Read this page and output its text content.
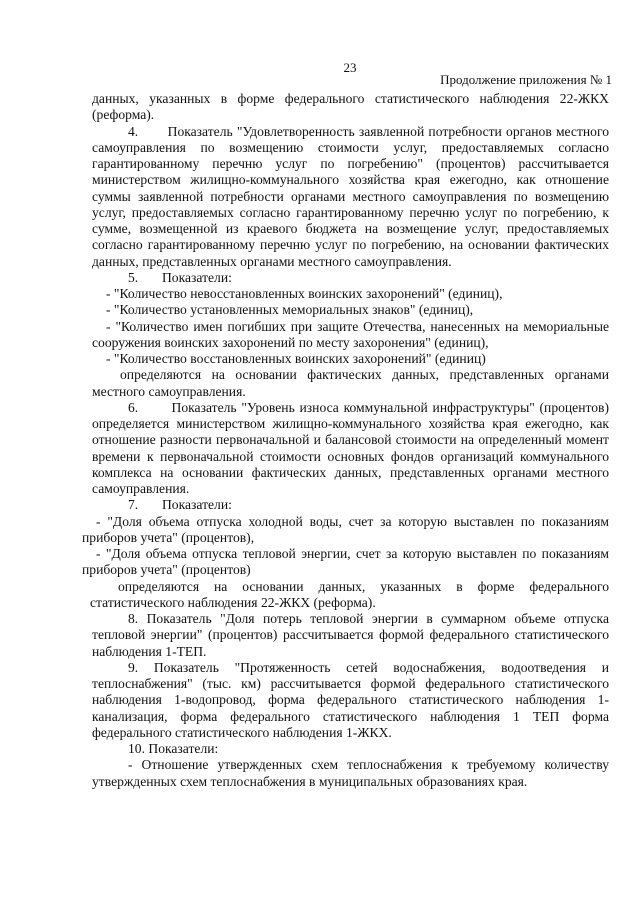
23
Продолжение приложения № 1

данных, указанных в форме федерального статистического наблюдения 22-ЖКХ (реформа).

4.       Показатель "Удовлетворенность заявленной потребности органов местного самоуправления по возмещению стоимости услуг, предоставляемых согласно гарантированному перечню услуг по погребению" (процентов) рассчитывается министерством жилищно-коммунального хозяйства края ежегодно, как отношение суммы заявленной потребности органами местного самоуправления по возмещению услуг, предоставляемых согласно гарантированному перечню услуг по погребению, к сумме, возмещенной из краевого бюджета на возмещение услуг, предоставляемых согласно гарантированному перечню услуг по погребению, на основании фактических данных, представленных органами местного самоуправления.

5.       Показатели:

- "Количество невосстановленных воинских захоронений" (единиц),

- "Количество установленных мемориальных знаков" (единиц),

- "Количество имен погибших при защите Отечества, нанесенных на мемориальные сооружения воинских захоронений по месту захоронения" (единиц),

- "Количество восстановленных воинских захоронений" (единиц)

определяются на основании фактических данных, представленных органами местного самоуправления.

6.       Показатель "Уровень износа коммунальной инфраструктуры" (процентов) определяется министерством жилищно-коммунального хозяйства края ежегодно, как отношение разности первоначальной и балансовой стоимости на определенный момент времени к первоначальной стоимости основных фондов организаций коммунального комплекса на основании фактических данных, представленных органами местного самоуправления.

7.       Показатели:

- "Доля объема отпуска холодной воды, счет за которую выставлен по показаниям приборов учета" (процентов),

- "Доля объема отпуска тепловой энергии, счет за которую выставлен по показаниям приборов учета" (процентов)

определяются на основании данных, указанных в форме федерального статистического наблюдения 22-ЖКХ (реформа).

8. Показатель "Доля потерь тепловой энергии в суммарном объеме отпуска тепловой энергии" (процентов) рассчитывается формой федерального статистического наблюдения 1-ТЕП.

9. Показатель "Протяженность сетей водоснабжения, водоотведения и теплоснабжения" (тыс. км) рассчитывается формой федерального статистического наблюдения 1-водопровод, форма федерального статистического наблюдения 1-канализация, форма федерального статистического наблюдения 1 ТЕП форма федерального статистического наблюдения 1-ЖКХ.

10. Показатели:

- Отношение утвержденных схем теплоснабжения к требуемому количеству утвержденных схем теплоснабжения в муниципальных образованиях края.
